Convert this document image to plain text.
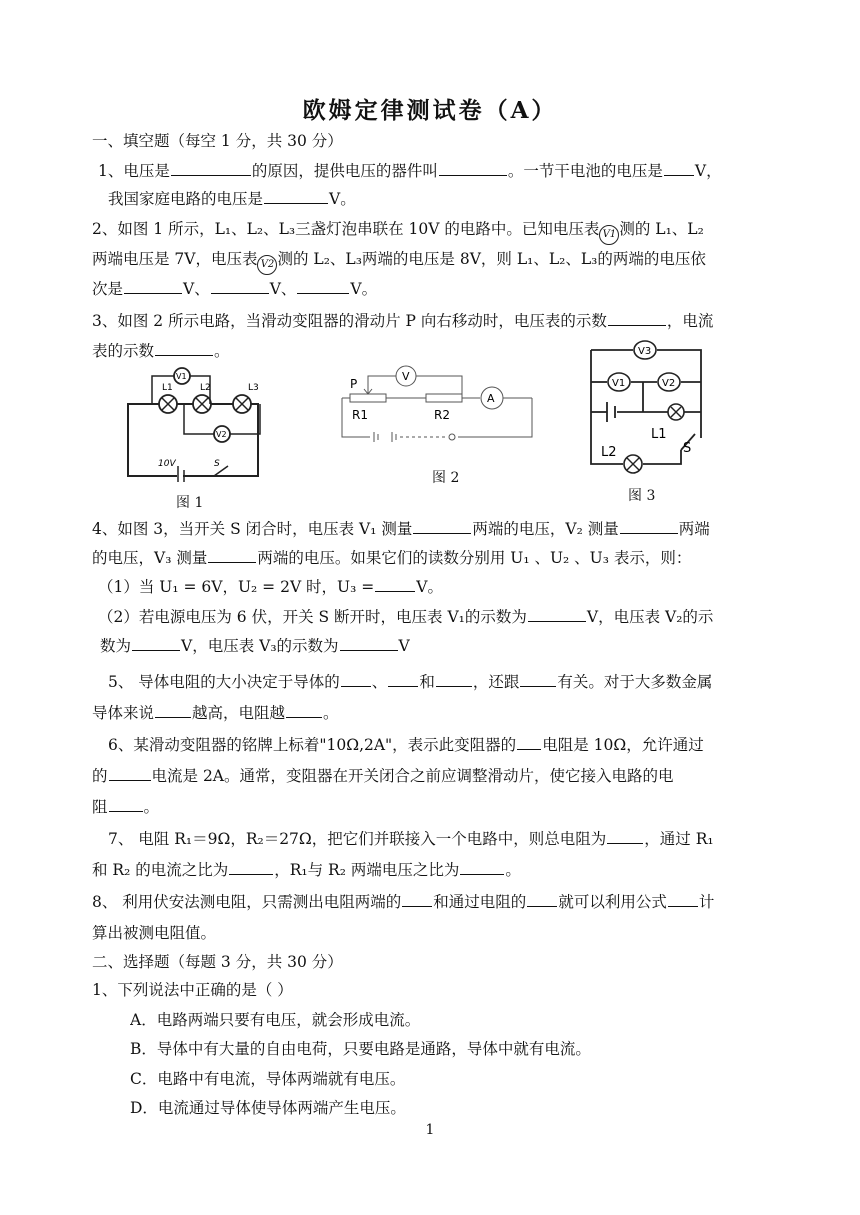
欧姆定律测试卷（A）
一、填空题（每空 1 分，共 30 分）
1、电压是	的原因，提供电压的器件叫	。一节干电池的电压是 V，
我国家庭电路的电压是	V。
2、如图 1 所示，L₁、L₂、L₃三盏灯泡串联在 10V 的电路中。已知电压表 V1 测的 L₁、L₂
两端电压是 7V，电压表 V2 测的 L₂、L₃两端的电压是 8V，则 L₁、L₂、L₃的两端的电压依
次是	V、	V、	V。
3、如图 2 所示电路，当滑动变阻器的滑动片 P 向右移动时，电压表的示数	，电流
表的示数	。
L1	L2	L3
V1
V2
10V	S
图 1
P
V
A
R1	R2
图 2
V3
V1	V2
L1
L2	S
图 3
4、如图 3，当开关 S 闭合时，电压表 V₁ 测量	两端的电压，V₂ 测量	两端
的电压，V₃ 测量	两端的电压。如果它们的读数分别用 U₁ 、U₂ 、U₃ 表示，则：
（1）当 U₁ = 6V，U₂ = 2V 时，U₃ =	V。
（2）若电源电压为 6 伏，开关 S 断开时，电压表 V₁的示数为	V，电压表 V₂的示
数为	V，电压表 V₃的示数为	V
5、 导体电阻的大小决定于导体的 、 和 ，还跟 有关。对于大多数金属
导体来说 越高，电阻越 。
6、某滑动变阻器的铭牌上标着"10Ω,2A"，表示此变阻器的 电阻是 10Ω，允许通过
的	电流是 2A。通常，变阻器在开关闭合之前应调整滑动片，使它接入电路的电
阻 。
7、 电阻 R₁＝9Ω，R₂＝27Ω，把它们并联接入一个电路中，则总电阻为 ，通过 R₁
和 R₂ 的电流之比为	，R₁与 R₂ 两端电压之比为	。
8、 利用伏安法测电阻，只需测出电阻两端的 和通过电阻的 就可以利用公式 计
算出被测电阻值。
二、选择题（每题 3 分，共 30 分）
1、下列说法中正确的是（ ）
A．电路两端只要有电压，就会形成电流。
B．导体中有大量的自由电荷，只要电路是通路，导体中就有电流。
C．电路中有电流，导体两端就有电压。
D．电流通过导体使导体两端产生电压。
1
